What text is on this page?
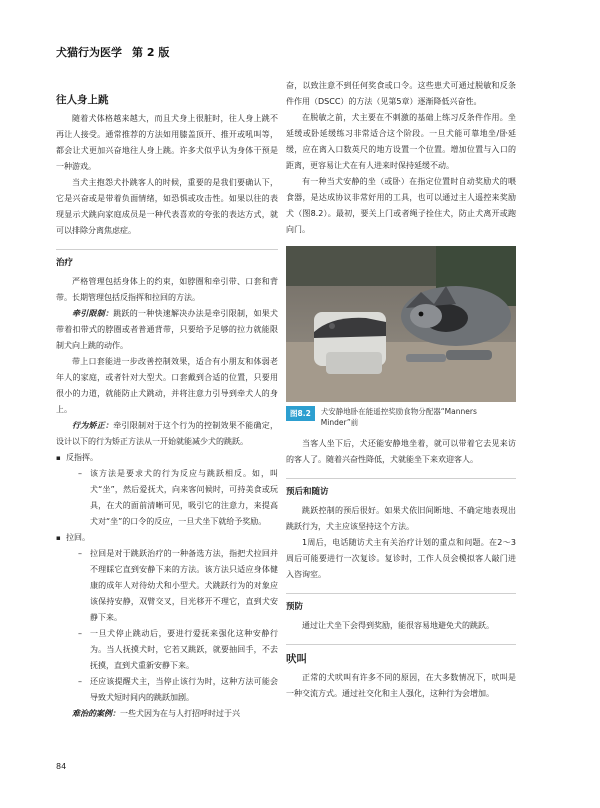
犬猫行为医学 第 2 版
往人身上跳

随着犬体格越来越大，而且犬身上很脏时，往人身上跳不再让人接受。通常推荐的方法如用膝盖顶开、推开或吼叫等，都会让犬更加兴奋地往人身上跳。许多犬似乎认为身体干预是一种游戏。

当犬主抱怨犬扑跳客人的时候，重要的是我们要确认下，它是兴奋或是带着负面情绪，如恐惧或攻击性。如果以往的表现显示犬跳向家庭成员是一种代表喜欢的夸张的表达方式，就可以排除分离焦虑症。

治疗

严格管理包括身体上的约束，如脖圈和牵引带、口套和背带。长期管理包括反指挥和拉回的方法。

牵引限制：跳跃的一种快速解决办法是牵引限制，如果犬带着扣带式的脖圈或者普通背带，只要给予足够的拉力就能限制犬向上跳的动作。

带上口套能进一步改善控制效果，适合有小朋友和体弱老年人的家庭，或者针对大型犬。口套戴到合适的位置，只要用很小的力道，就能防止犬跳动，并将注意力引导到牵犬人的身上。

行为矫正：牵引限制对于这个行为的控制效果不能确定，设计以下的行为矫正方法从一开始就能减少犬的跳跃。

▪ 反指挥。
– 该方法是要求犬的行为反应与跳跃相反。如，叫犬“坐”，然后爱抚犬，向来客问候时，可持美食或玩具，在犬的面前清晰可见，吸引它的注意力，来提高犬对“坐”的口令的反应，一旦犬坐下就给予奖励。
▪ 拉回。
– 拉回是对于跳跃治疗的一种备选方法，指把犬拉回并不理睬它直到安静下来的方法。该方法只适应身体健康的成年人对待幼犬和小型犬。犬跳跃行为的对象应该保持安静，双臂交叉，目光移开不理它，直到犬安静下来。
– 一旦犬停止跳动后，要进行爱抚来强化这种安静行为。当人抚摸犬时，它若又跳跃，就要抽回手，不去抚摸，直到犬重新安静下来。
– 还应该提醒犬主，当停止该行为时，这种方法可能会导致犬短时间内的跳跃加剧。

难治的案例：一些犬因为在与人打招呼时过于兴

奋，以致注意不到任何奖食或口令。这些患犬可通过脱敏和反条件作用（DSCC）的方法（见第5章）逐渐降低兴奋性。

在脱敏之前，犬主要在不刺激的基础上练习反条件作用。坐延缓或卧延缓练习非常适合这个阶段。一旦犬能可靠地坐/卧延缓，应在离入口数英尺的地方设置一个位置。增加位置与入口的距离，更容易让犬在有人进来时保持延缓不动。

有一种当犬安静的坐（或卧）在指定位置时自动奖励犬的喂食器，是达成协议非常好用的工具，也可以通过主人遥控来奖励犬（图8.2）。最初，要关上门或者绳子拴住犬，防止犬离开或跑向门。

图8.2	犬安静地卧在能遥控奖励食物分配器“Manners Minder”前

当客人坐下后，犬还能安静地坐着，就可以带着它去见来访的客人了。随着兴奋性降低，犬就能坐下来欢迎客人。

预后和随访

跳跃控制的预后很好。如果犬依旧间断地、不确定地表现出跳跃行为，犬主应该坚持这个方法。

1周后，电话随访犬主有关治疗计划的重点和问题。在2～3周后可能要进行一次复诊。复诊时，工作人员会模拟客人敲门进入咨询室。

预防

通过让犬坐下会得到奖励，能很容易地避免犬的跳跃。

吠叫

正常的犬吠叫有许多不同的原因，在大多数情况下，吠叫是一种交流方式。通过社交化和主人强化，这种行为会增加。

84
